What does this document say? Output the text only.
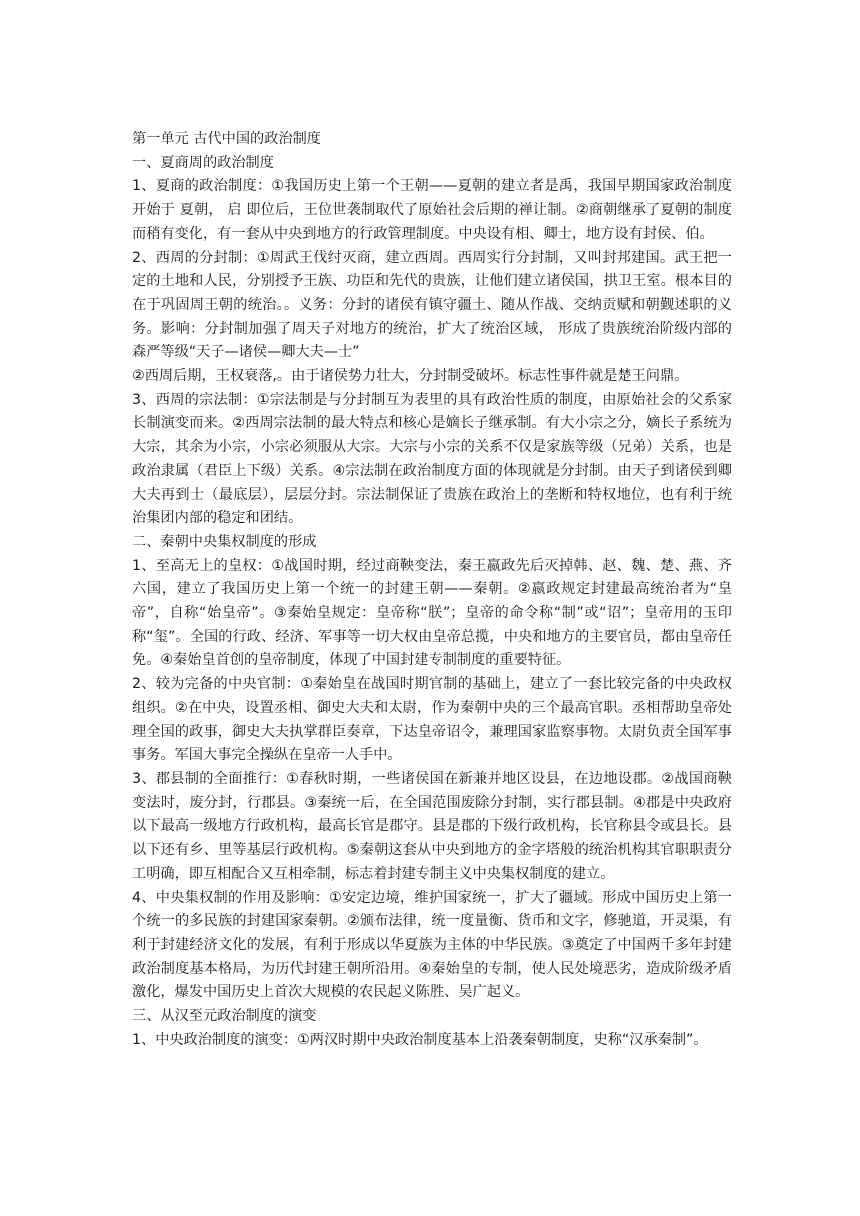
第一单元 古代中国的政治制度
一、夏商周的政治制度
1、夏商的政治制度：①我国历史上第一个王朝——夏朝的建立者是禹，我国早期国家政治制度开始于 夏朝， 启 即位后，王位世袭制取代了原始社会后期的禅让制。②商朝继承了夏朝的制度而稍有变化，有一套从中央到地方的行政管理制度。中央设有相、卿士，地方设有封侯、伯。
2、西周的分封制：①周武王伐纣灭商，建立西周。西周实行分封制，又叫封邦建国。武王把一定的土地和人民，分别授予王族、功臣和先代的贵族，让他们建立诸侯国，拱卫王室。根本目的在于巩固周王朝的统治。。义务：分封的诸侯有镇守疆土、随从作战、交纳贡赋和朝觐述职的义务。影响：分封制加强了周天子对地方的统治，扩大了统治区域， 形成了贵族统治阶级内部的森严等级“天子—诸侯—卿大夫—士”
②西周后期，王权衰落,。由于诸侯势力壮大，分封制受破坏。标志性事件就是楚王问鼎。
3、西周的宗法制：①宗法制是与分封制互为表里的具有政治性质的制度，由原始社会的父系家长制演变而来。②西周宗法制的最大特点和核心是嫡长子继承制。有大小宗之分，嫡长子系统为大宗，其余为小宗，小宗必须服从大宗。大宗与小宗的关系不仅是家族等级（兄弟）关系，也是政治隶属（君臣上下级）关系。④宗法制在政治制度方面的体现就是分封制。由天子到诸侯到卿大夫再到士（最底层），层层分封。宗法制保证了贵族在政治上的垄断和特权地位，也有利于统治集团内部的稳定和团结。
二、秦朝中央集权制度的形成
1、至高无上的皇权：①战国时期，经过商鞅变法，秦王嬴政先后灭掉韩、赵、魏、楚、燕、齐六国，建立了我国历史上第一个统一的封建王朝——秦朝。②嬴政规定封建最高统治者为“皇帝”，自称“始皇帝”。③秦始皇规定：皇帝称“朕”；皇帝的命令称“制”或“诏”；皇帝用的玉印称“玺”。全国的行政、经济、军事等一切大权由皇帝总揽，中央和地方的主要官员，都由皇帝任免。④秦始皇首创的皇帝制度，体现了中国封建专制制度的重要特征。
2、较为完备的中央官制：①秦始皇在战国时期官制的基础上，建立了一套比较完备的中央政权组织。②在中央，设置丞相、御史大夫和太尉，作为秦朝中央的三个最高官职。丞相帮助皇帝处理全国的政事，御史大夫执掌群臣奏章，下达皇帝诏令，兼理国家监察事物。太尉负责全国军事事务。军国大事完全操纵在皇帝一人手中。
3、郡县制的全面推行：①春秋时期，一些诸侯国在新兼并地区设县，在边地设郡。②战国商鞅变法时，废分封，行郡县。③秦统一后，在全国范围废除分封制，实行郡县制。④郡是中央政府以下最高一级地方行政机构，最高长官是郡守。县是郡的下级行政机构，长官称县令或县长。县以下还有乡、里等基层行政机构。⑤秦朝这套从中央到地方的金字塔般的统治机构其官职职责分工明确，即互相配合又互相牵制，标志着封建专制主义中央集权制度的建立。
4、中央集权制的作用及影响：①安定边境，维护国家统一，扩大了疆域。形成中国历史上第一个统一的多民族的封建国家秦朝。②颁布法律，统一度量衡、货币和文字，修驰道，开灵渠，有利于封建经济文化的发展，有利于形成以华夏族为主体的中华民族。③奠定了中国两千多年封建政治制度基本格局，为历代封建王朝所沿用。④秦始皇的专制，使人民处境恶劣，造成阶级矛盾激化，爆发中国历史上首次大规模的农民起义陈胜、吴广起义。
三、从汉至元政治制度的演变
1、中央政治制度的演变：①两汉时期中央政治制度基本上沿袭秦朝制度，史称“汉承秦制”。
